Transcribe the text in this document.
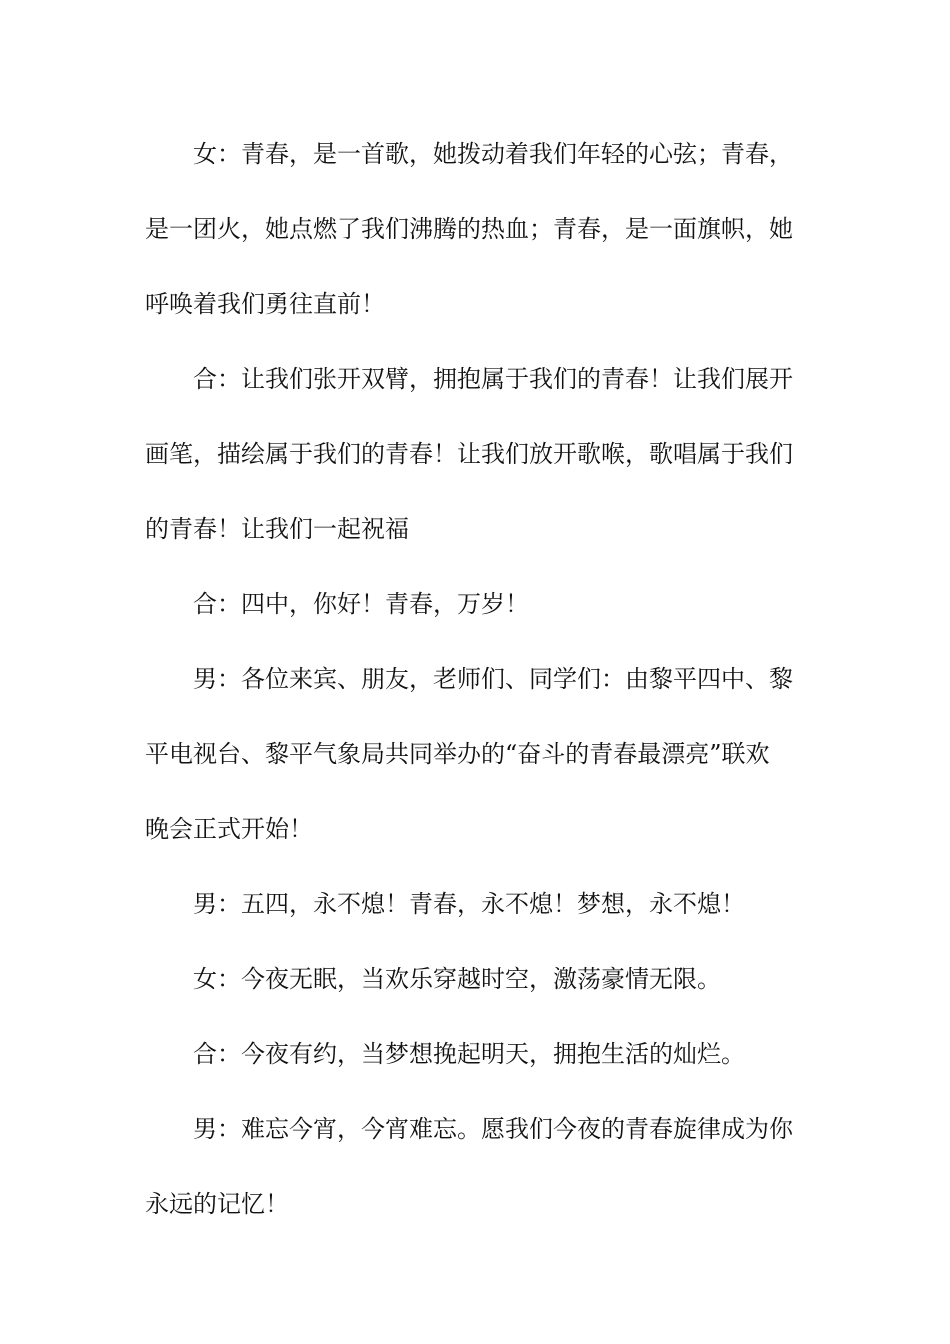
女：青春，是一首歌，她拨动着我们年轻的心弦；青春，
是一团火，她点燃了我们沸腾的热血；青春，是一面旗帜，她
呼唤着我们勇往直前！
合：让我们张开双臂，拥抱属于我们的青春！让我们展开
画笔，描绘属于我们的青春！让我们放开歌喉，歌唱属于我们
的青春！让我们一起祝福
合：四中，你好！青春，万岁！
男：各位来宾、朋友，老师们、同学们：由黎平四中、黎
平电视台、黎平气象局共同举办的“奋斗的青春最漂亮”联欢
晚会正式开始！
男：五四，永不熄！青春，永不熄！梦想，永不熄！
女：今夜无眠，当欢乐穿越时空，激荡豪情无限。
合：今夜有约，当梦想挽起明天，拥抱生活的灿烂。
男：难忘今宵，今宵难忘。愿我们今夜的青春旋律成为你
永远的记忆！
